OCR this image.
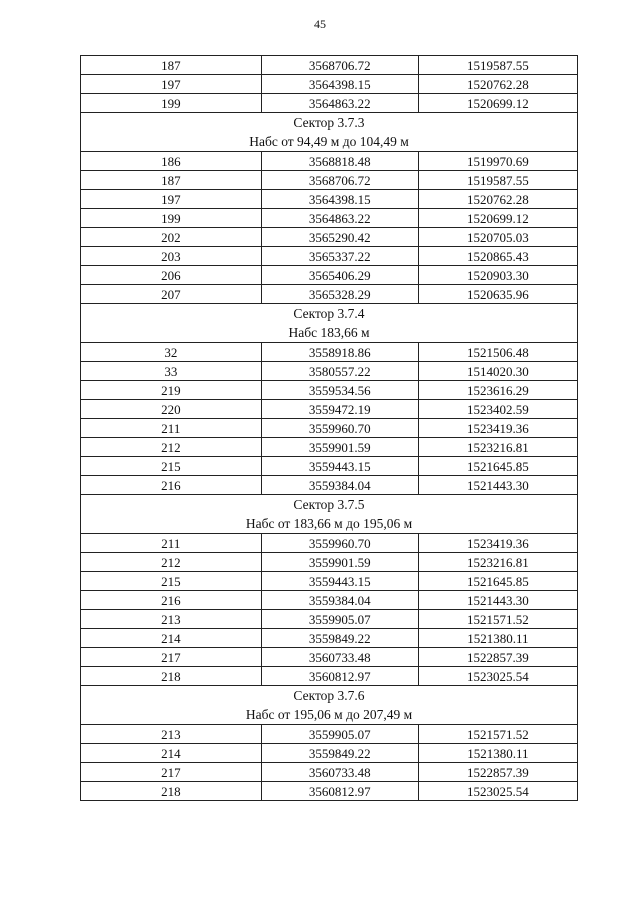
45
187	3568706.72	1519587.55
197	3564398.15	1520762.28
199	3564863.22	1520699.12

Сектор 3.7.3
Набс от 94,49 м до 104,49 м		

186	3568818.48	1519970.69
187	3568706.72	1519587.55
197	3564398.15	1520762.28
199	3564863.22	1520699.12
202	3565290.42	1520705.03
203	3565337.22	1520865.43
206	3565406.29	1520903.30
207	3565328.29	1520635.96

Сектор 3.7.4
Набс 183,66 м		

32	3558918.86	1521506.48
33	3580557.22	1514020.30
219	3559534.56	1523616.29
220	3559472.19	1523402.59
211	3559960.70	1523419.36
212	3559901.59	1523216.81
215	3559443.15	1521645.85
216	3559384.04	1521443.30

Сектор 3.7.5
Набс от 183,66 м до 195,06 м		

211	3559960.70	1523419.36
212	3559901.59	1523216.81
215	3559443.15	1521645.85
216	3559384.04	1521443.30
213	3559905.07	1521571.52
214	3559849.22	1521380.11
217	3560733.48	1522857.39
218	3560812.97	1523025.54

Сектор 3.7.6
Набс от 195,06 м до 207,49 м		

213	3559905.07	1521571.52
214	3559849.22	1521380.11
217	3560733.48	1522857.39
218	3560812.97	1523025.54
